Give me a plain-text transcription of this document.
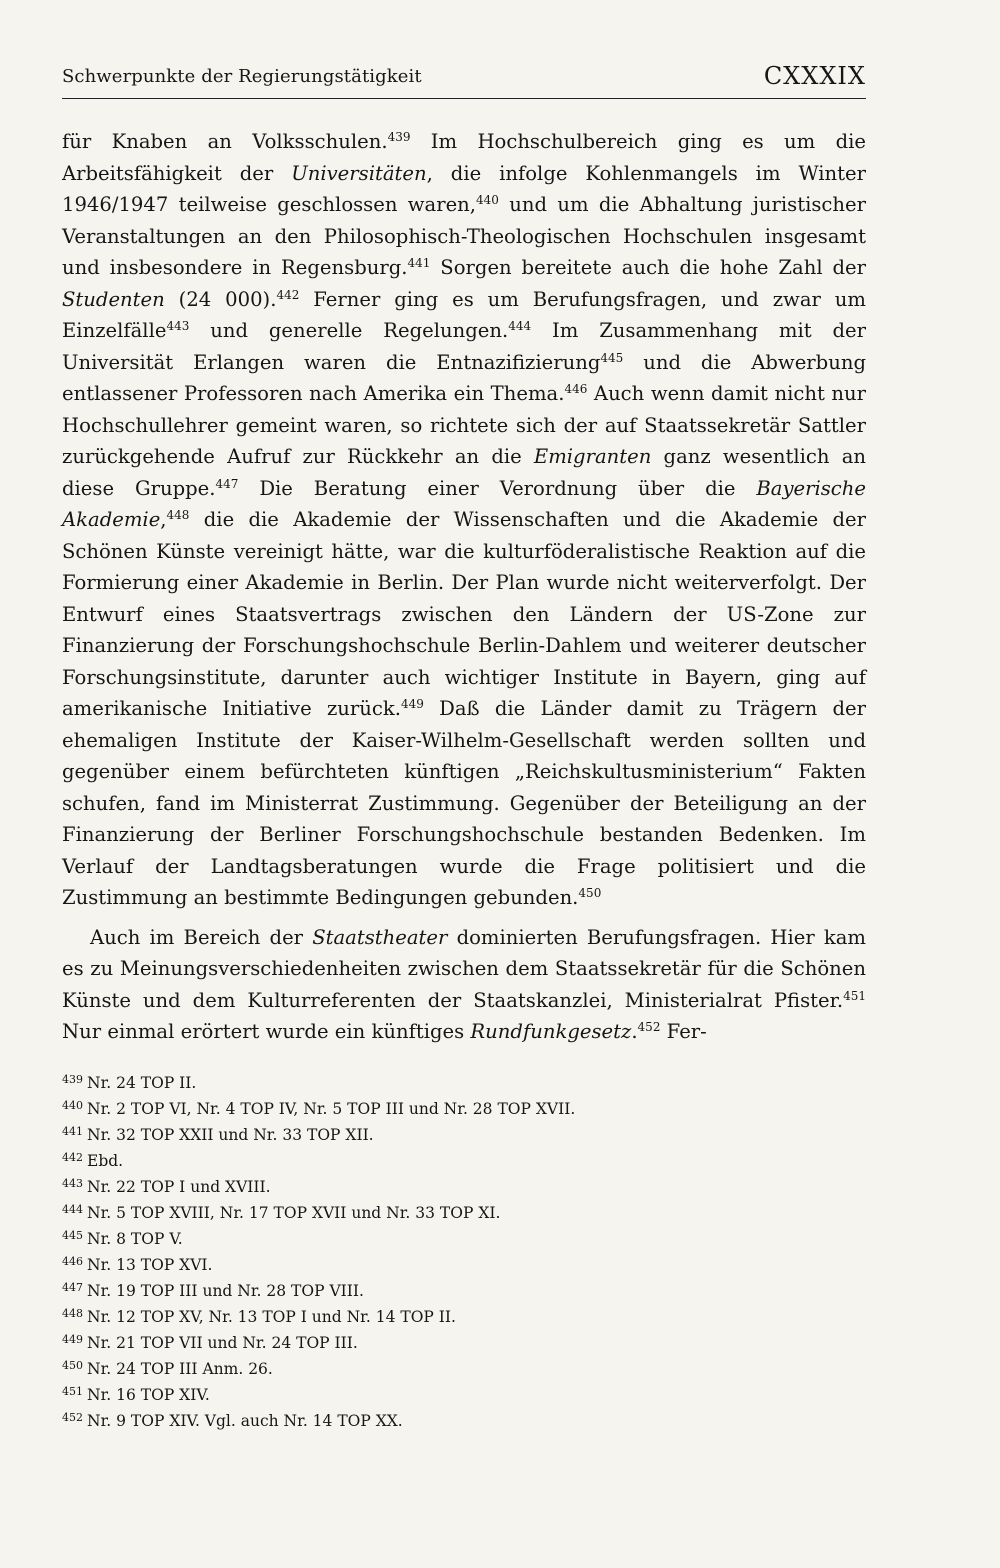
Schwerpunkte der Regierungstätigkeit	CXXXIX

für Knaben an Volksschulen.$^{439}$ Im Hochschulbereich ging es um die Arbeitsfähigkeit der Universitäten, die infolge Kohlenmangels im Winter 1946/1947 teilweise geschlossen waren,$^{440}$ und um die Abhaltung juristischer Veranstaltungen an den Philosophisch-Theologischen Hochschulen insgesamt und insbesondere in Regensburg.$^{441}$ Sorgen bereitete auch die hohe Zahl der Studenten (24 000).$^{442}$ Ferner ging es um Berufungsfragen, und zwar um Einzelfälle$^{443}$ und generelle Regelungen.$^{444}$ Im Zusammenhang mit der Universität Erlangen waren die Entnazifizierung$^{445}$ und die Abwerbung entlassener Professoren nach Amerika ein Thema.$^{446}$ Auch wenn damit nicht nur Hochschullehrer gemeint waren, so richtete sich der auf Staatssekretär Sattler zurückgehende Aufruf zur Rückkehr an die Emigranten ganz wesentlich an diese Gruppe.$^{447}$ Die Beratung einer Verordnung über die Bayerische Akademie,$^{448}$ die die Akademie der Wissenschaften und die Akademie der Schönen Künste vereinigt hätte, war die kulturföderalistische Reaktion auf die Formierung einer Akademie in Berlin. Der Plan wurde nicht weiterverfolgt. Der Entwurf eines Staatsvertrags zwischen den Ländern der US-Zone zur Finanzierung der Forschungshochschule Berlin-Dahlem und weiterer deutscher Forschungsinstitute, darunter auch wichtiger Institute in Bayern, ging auf amerikanische Initiative zurück.$^{449}$ Daß die Länder damit zu Trägern der ehemaligen Institute der Kaiser-Wilhelm-Gesellschaft werden sollten und gegenüber einem befürchteten künftigen „Reichskultusministerium“ Fakten schufen, fand im Ministerrat Zustimmung. Gegenüber der Beteiligung an der Finanzierung der Berliner Forschungshochschule bestanden Bedenken. Im Verlauf der Landtagsberatungen wurde die Frage politisiert und die Zustimmung an bestimmte Bedingungen gebunden.$^{450}$

Auch im Bereich der Staatstheater dominierten Berufungsfragen. Hier kam es zu Meinungsverschiedenheiten zwischen dem Staatssekretär für die Schönen Künste und dem Kulturreferenten der Staatskanzlei, Ministerialrat Pfister.$^{451}$ Nur einmal erörtert wurde ein künftiges Rundfunkgesetz.$^{452}$ Fer-

$^{439}$ Nr. 24 TOP II.
$^{440}$ Nr. 2 TOP VI, Nr. 4 TOP IV, Nr. 5 TOP III und Nr. 28 TOP XVII.
$^{441}$ Nr. 32 TOP XXII und Nr. 33 TOP XII.
$^{442}$ Ebd.
$^{443}$ Nr. 22 TOP I und XVIII.
$^{444}$ Nr. 5 TOP XVIII, Nr. 17 TOP XVII und Nr. 33 TOP XI.
$^{445}$ Nr. 8 TOP V.
$^{446}$ Nr. 13 TOP XVI.
$^{447}$ Nr. 19 TOP III und Nr. 28 TOP VIII.
$^{448}$ Nr. 12 TOP XV, Nr. 13 TOP I und Nr. 14 TOP II.
$^{449}$ Nr. 21 TOP VII und Nr. 24 TOP III.
$^{450}$ Nr. 24 TOP III Anm. 26.
$^{451}$ Nr. 16 TOP XIV.
$^{452}$ Nr. 9 TOP XIV. Vgl. auch Nr. 14 TOP XX.
